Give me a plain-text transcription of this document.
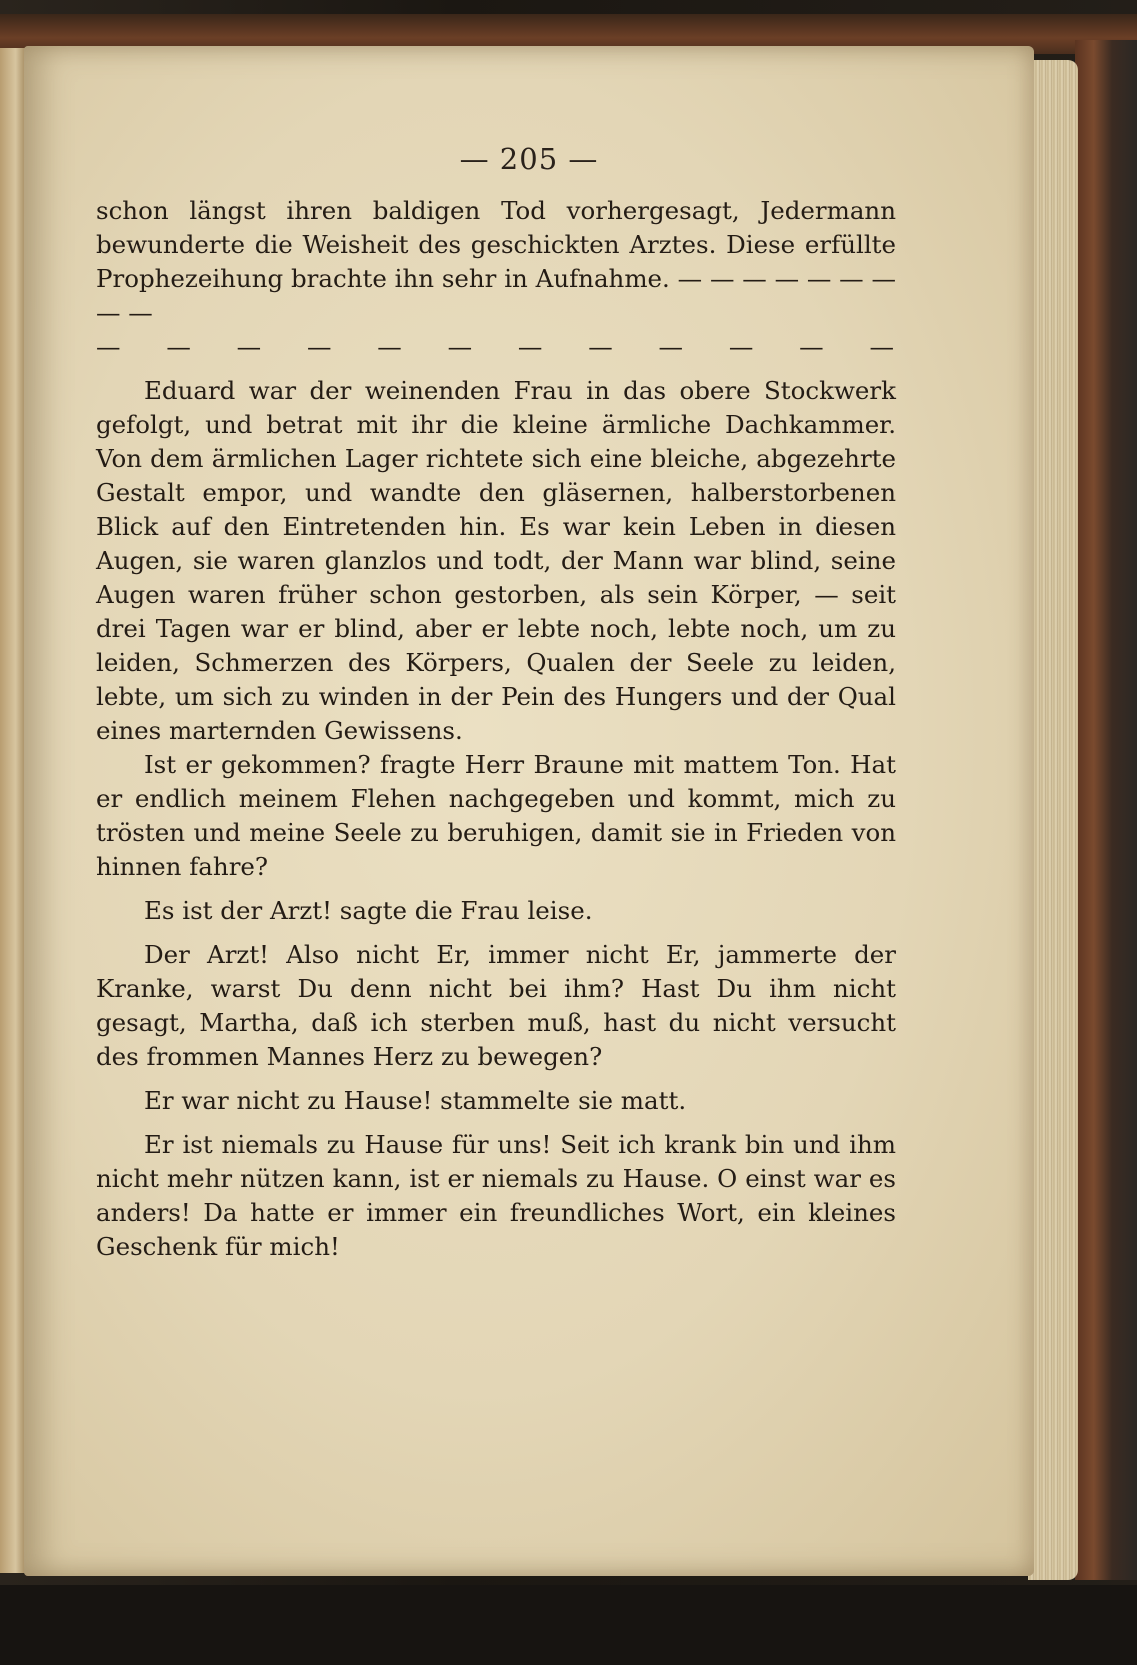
— 205 —

schon längst ihren baldigen Tod vorhergesagt, Jedermann bewunderte die Weisheit des geschickten Arztes. Diese erfüllte Prophezeihung brachte ihn sehr in Aufnahme. — — — — — — — — —

— — — — — — — — — — — —

Eduard war der weinenden Frau in das obere Stockwerk gefolgt, und betrat mit ihr die kleine ärmliche Dachkammer. Von dem ärmlichen Lager richtete sich eine bleiche, abgezehrte Gestalt empor, und wandte den gläsernen, halberstorbenen Blick auf den Eintretenden hin. Es war kein Leben in diesen Augen, sie waren glanzlos und todt, der Mann war blind, seine Augen waren früher schon gestorben, als sein Körper, — seit drei Tagen war er blind, aber er lebte noch, lebte noch, um zu leiden, Schmerzen des Körpers, Qualen der Seele zu leiden, lebte, um sich zu winden in der Pein des Hungers und der Qual eines marternden Gewissens.

Ist er gekommen? fragte Herr Braune mit mattem Ton. Hat er endlich meinem Flehen nachgegeben und kommt, mich zu trösten und meine Seele zu beruhigen, damit sie in Frieden von hinnen fahre?

Es ist der Arzt! sagte die Frau leise.

Der Arzt! Also nicht Er, immer nicht Er, jammerte der Kranke, warst Du denn nicht bei ihm? Hast Du ihm nicht gesagt, Martha, daß ich sterben muß, hast du nicht versucht des frommen Mannes Herz zu bewegen?

Er war nicht zu Hause! stammelte sie matt.

Er ist niemals zu Hause für uns! Seit ich krank bin und ihm nicht mehr nützen kann, ist er niemals zu Hause. O einst war es anders! Da hatte er immer ein freundliches Wort, ein kleines Geschenk für mich!
